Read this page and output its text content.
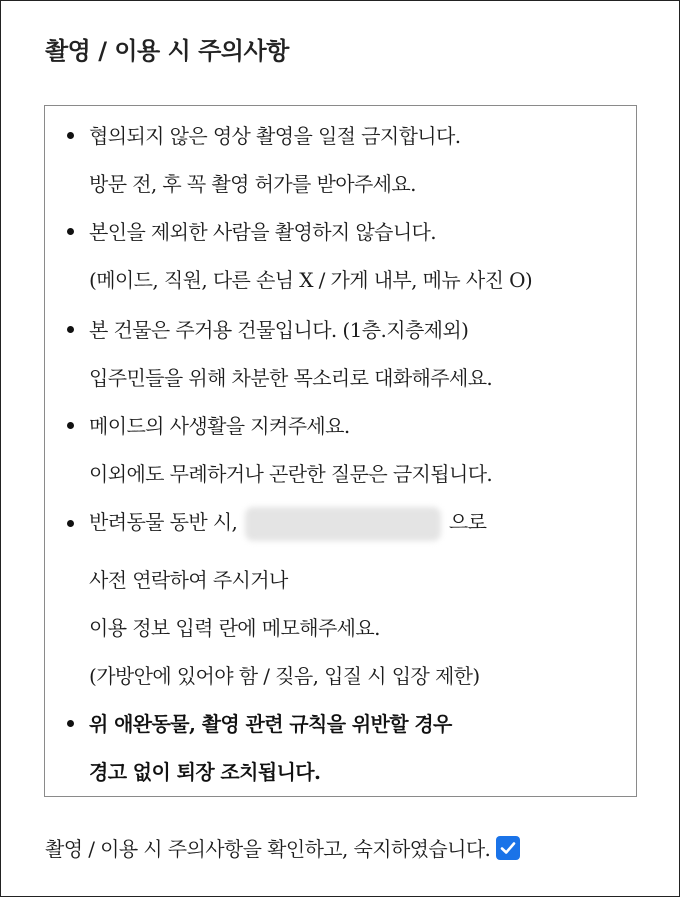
촬영 / 이용 시 주의사항
협의되지 않은 영상 촬영을 일절 금지합니다.
방문 전, 후 꼭 촬영 허가를 받아주세요.
본인을 제외한 사람을 촬영하지 않습니다.
(메이드, 직원, 다른 손님 X / 가게 내부, 메뉴 사진 O)
본 건물은 주거용 건물입니다. (1층.지층제외)
입주민들을 위해 차분한 목소리로 대화해주세요.
메이드의 사생활을 지켜주세요.
이외에도 무례하거나 곤란한 질문은 금지됩니다.
반려동물 동반 시,	으로
사전 연락하여 주시거나
이용 정보 입력 란에 메모해주세요.
(가방안에 있어야 함 / 짖음, 입질 시 입장 제한)
위 애완동물, 촬영 관련 규칙을 위반할 경우
경고 없이 퇴장 조치됩니다.
촬영 / 이용 시 주의사항을 확인하고, 숙지하였습니다.
